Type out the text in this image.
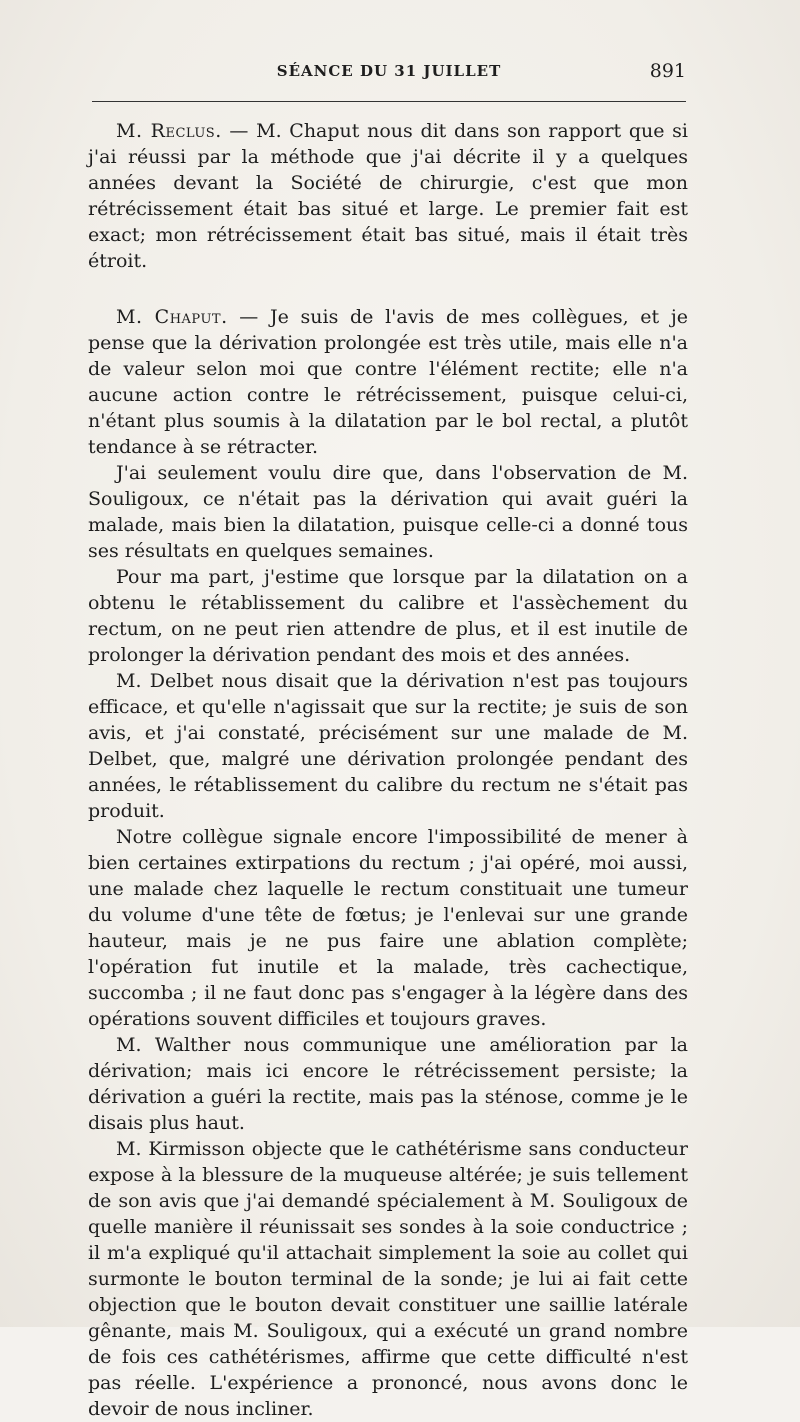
SÉANCE DU 31 JUILLET	891

M. Reclus. — M. Chaput nous dit dans son rapport que si j'ai réussi par la méthode que j'ai décrite il y a quelques années devant la Société de chirurgie, c'est que mon rétrécissement était bas situé et large. Le premier fait est exact; mon rétrécissement était bas situé, mais il était très étroit.

M. Chaput. — Je suis de l'avis de mes collègues, et je pense que la dérivation prolongée est très utile, mais elle n'a de valeur selon moi que contre l'élément rectite; elle n'a aucune action contre le rétrécissement, puisque celui-ci, n'étant plus soumis à la dilatation par le bol rectal, a plutôt tendance à se rétracter.

J'ai seulement voulu dire que, dans l'observation de M. Souligoux, ce n'était pas la dérivation qui avait guéri la malade, mais bien la dilatation, puisque celle-ci a donné tous ses résultats en quelques semaines.

Pour ma part, j'estime que lorsque par la dilatation on a obtenu le rétablissement du calibre et l'assèchement du rectum, on ne peut rien attendre de plus, et il est inutile de prolonger la dérivation pendant des mois et des années.

M. Delbet nous disait que la dérivation n'est pas toujours efficace, et qu'elle n'agissait que sur la rectite; je suis de son avis, et j'ai constaté, précisément sur une malade de M. Delbet, que, malgré une dérivation prolongée pendant des années, le rétablissement du calibre du rectum ne s'était pas produit.

Notre collègue signale encore l'impossibilité de mener à bien certaines extirpations du rectum ; j'ai opéré, moi aussi, une malade chez laquelle le rectum constituait une tumeur du volume d'une tête de fœtus; je l'enlevai sur une grande hauteur, mais je ne pus faire une ablation complète; l'opération fut inutile et la malade, très cachectique, succomba ; il ne faut donc pas s'engager à la légère dans des opérations souvent difficiles et toujours graves.

M. Walther nous communique une amélioration par la dérivation; mais ici encore le rétrécissement persiste; la dérivation a guéri la rectite, mais pas la sténose, comme je le disais plus haut.

M. Kirmisson objecte que le cathétérisme sans conducteur expose à la blessure de la muqueuse altérée; je suis tellement de son avis que j'ai demandé spécialement à M. Souligoux de quelle manière il réunissait ses sondes à la soie conductrice ; il m'a expliqué qu'il attachait simplement la soie au collet qui surmonte le bouton terminal de la sonde; je lui ai fait cette objection que le bouton devait constituer une saillie latérale gênante, mais M. Souligoux, qui a exécuté un grand nombre de fois ces cathétérismes, affirme que cette difficulté n'est pas réelle. L'expérience a prononcé, nous avons donc le devoir de nous incliner.
